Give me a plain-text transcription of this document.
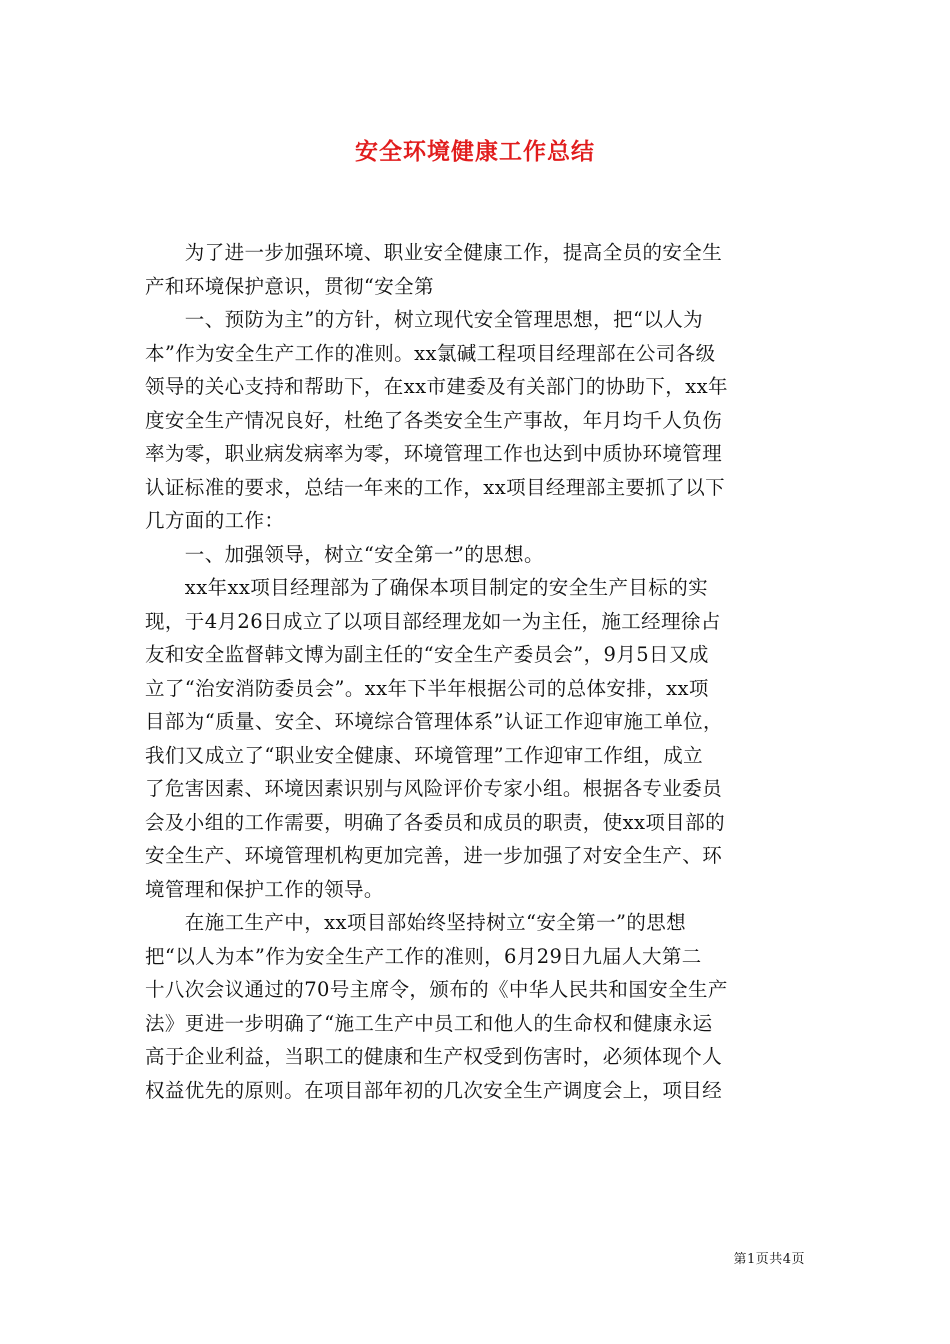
安全环境健康工作总结

　　为了进一步加强环境、职业安全健康工作，提高全员的安全生

产和环境保护意识，贯彻“安全第

　　一、预防为主”的方针，树立现代安全管理思想，把“以人为

本”作为安全生产工作的准则。xx氯碱工程项目经理部在公司各级

领导的关心支持和帮助下，在xx市建委及有关部门的协助下，xx年

度安全生产情况良好，杜绝了各类安全生产事故，年月均千人负伤

率为零，职业病发病率为零，环境管理工作也达到中质协环境管理

认证标准的要求，总结一年来的工作，xx项目经理部主要抓了以下

几方面的工作：

　　一、加强领导，树立“安全第一”的思想。

　　xx年xx项目经理部为了确保本项目制定的安全生产目标的实

现，于4月26日成立了以项目部经理龙如一为主任，施工经理徐占

友和安全监督韩文博为副主任的“安全生产委员会”，9月5日又成

立了“治安消防委员会”。xx年下半年根据公司的总体安排，xx项

目部为“质量、安全、环境综合管理体系”认证工作迎审施工单位，

我们又成立了“职业安全健康、环境管理”工作迎审工作组，成立

了危害因素、环境因素识别与风险评价专家小组。根据各专业委员

会及小组的工作需要，明确了各委员和成员的职责，使xx项目部的

安全生产、环境管理机构更加完善，进一步加强了对安全生产、环

境管理和保护工作的领导。

　　在施工生产中，xx项目部始终坚持树立“安全第一”的思想

把“以人为本”作为安全生产工作的准则，6月29日九届人大第二

十八次会议通过的70号主席令，颁布的《中华人民共和国安全生产

法》更进一步明确了“施工生产中员工和他人的生命权和健康永运

高于企业利益，当职工的健康和生产权受到伤害时，必须体现个人

权益优先的原则。在项目部年初的几次安全生产调度会上，项目经

第1页共4页
